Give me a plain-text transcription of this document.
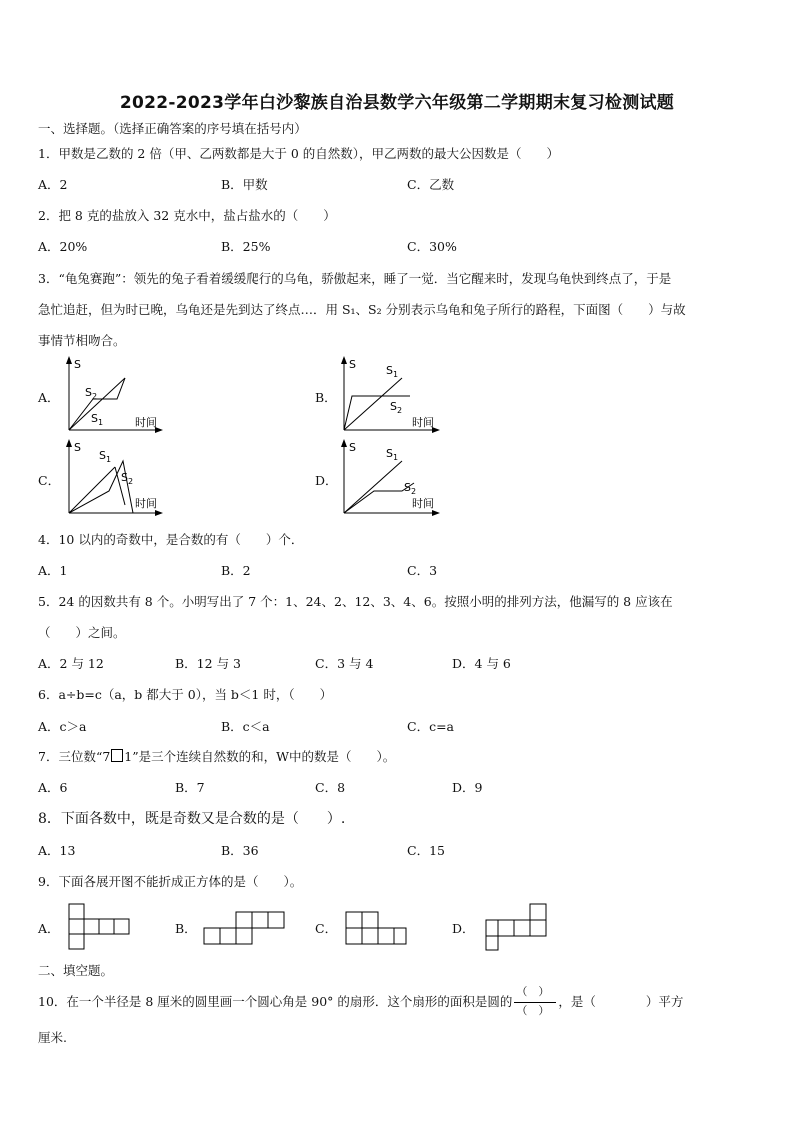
2022-2023学年白沙黎族自治县数学六年级第二学期期末复习检测试题
一、选择题。（选择正确答案的序号填在括号内）
1．甲数是乙数的 2 倍（甲、乙两数都是大于 0 的自然数），甲乙两数的最大公因数是（　　）
A．2	B．甲数	C．乙数
2．把 8 克的盐放入 32 克水中，盐占盐水的（　　）
A．20%	B．25%	C．30%
3．“龟兔赛跑”：领先的兔子看着缓缓爬行的乌龟，骄傲起来，睡了一觉．当它醒来时，发现乌龟快到终点了，于是
急忙追赶，但为时已晚，乌龟还是先到达了终点…．用 S₁、S₂ 分别表示乌龟和兔子所行的路程，下面图（　　）与故
事情节相吻合。
A．
S
$S_2$
$S_1$	时间
B．
S	$S_1$
$S_2$
时间
C．
S
$S_1$
$S_2$
时间
D．
S	$S_1$
$S_2$
时间
4．10 以内的奇数中，是合数的有（　　）个．
A．1	B．2	C．3
5．24 的因数共有 8 个。小明写出了 7 个：1、24、2、12、3、4、6。按照小明的排列方法，他漏写的 8 应该在
（　　）之间。
A．2 与 12	B．12 与 3	C．3 与 4	D．4 与 6
6．a÷b=c（a，b 都大于 0），当 b＜1 时，（　　）
A．c＞a	B．c＜a	C．c=a
7．三位数“7 1”是三个连续自然数的和，W中的数是（　　）。
A．6	B．7	C．8	D．9
8．下面各数中，既是奇数又是合数的是（　　）.
A．13	B．36	C．15
9．下面各展开图不能折成正方体的是（　　）。
A．	B．	C．	D．
二、填空题。
10．在一个半径是 8 厘米的圆里画一个圆心角是 90° 的扇形．这个扇形的面积是圆的
（　）
（　）
，是（　　　　）平方
厘米.
